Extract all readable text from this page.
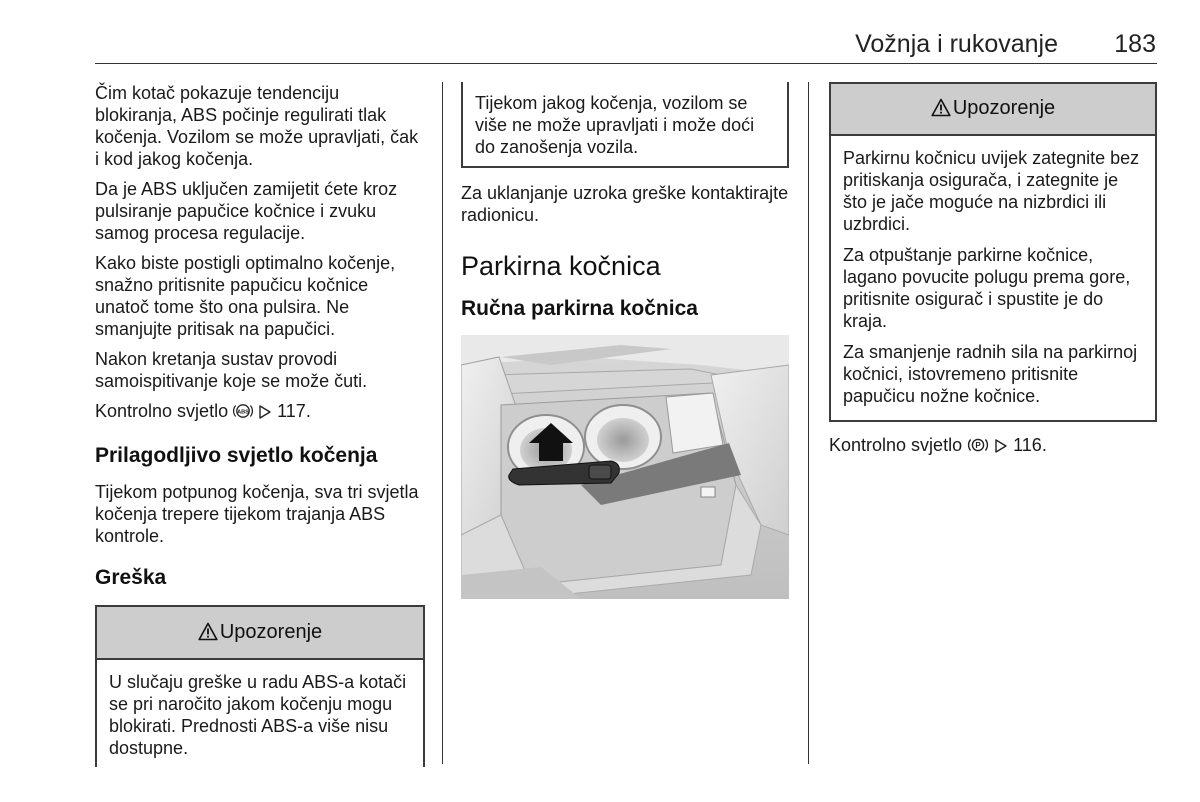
Vožnja i rukovanje 183

Čim kotač pokazuje tendenciju blokiranja, ABS počinje regulirati tlak kočenja. Vozilom se može upravljati, čak i kod jakog kočenja.

Da je ABS uključen zamijetit ćete kroz pulsiranje papučice kočnice i zvuku samog procesa regulacije.

Kako biste postigli optimalno kočenje, snažno pritisnite papučicu kočnice unatoč tome što ona pulsira. Ne smanjujte pritisak na papučici.

Nakon kretanja sustav provodi samoispitivanje koje se može čuti.

Kontrolno svjetlo ABS 117.

Prilagodljivo svjetlo kočenja

Tijekom potpunog kočenja, sva tri svjetla kočenja trepere tijekom trajanja ABS kontrole.

Greška
Upozorenje

U slučaju greške u radu ABS-a kotači se pri naročito jakom kočenju mogu blokirati. Prednosti ABS-a više nisu dostupne.

Tijekom jakog kočenja, vozilom se više ne može upravljati i može doći do zanošenja vozila.

Za uklanjanje uzroka greške kontaktirajte radionicu.

Parkirna kočnica
Ručna parkirna kočnica
Upozorenje

Parkirnu kočnicu uvijek zategnite bez pritiskanja osigurača, i zategnite je što je jače moguće na nizbrdici ili uzbrdici.

Za otpuštanje parkirne kočnice, lagano povucite polugu prema gore, pritisnite osigurač i spustite je do kraja.

Za smanjenje radnih sila na parkirnoj kočnici, istovremeno pritisnite papučicu nožne kočnice.

Kontrolno svjetlo P 116.
